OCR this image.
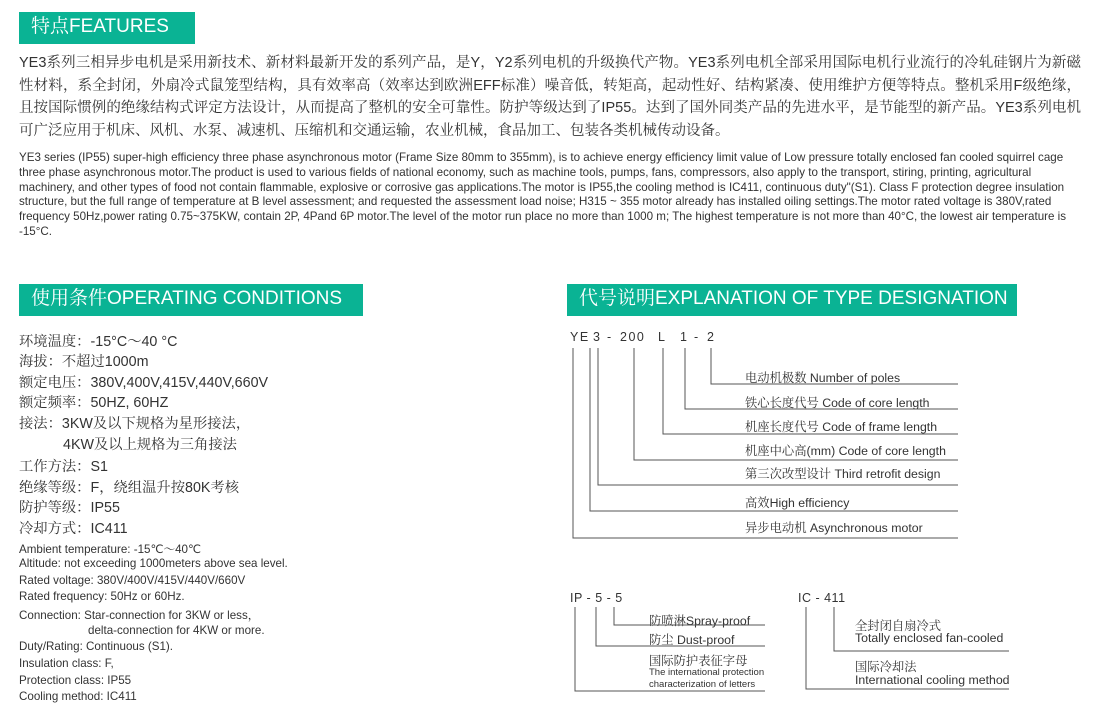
特点FEATURES

YE3系列三相异步电机是采用新技术、新材料最新开发的系列产品，是Y，Y2系列电机的升级换代产物。YE3系列电机全部采用国际电机行业流行的冷轧硅钢片为新磁性材料，系全封闭，外扇冷式鼠笼型结构，具有效率高（效率达到欧洲EFF标准）噪音低，转矩高，起动性好、结构紧凑、使用维护方便等特点。整机采用F级绝缘，且按国际惯例的绝缘结构式评定方法设计，从而提高了整机的安全可靠性。防护等级达到了IP55。达到了国外同类产品的先进水平，是节能型的新产品。YE3系列电机可广泛应用于机床、风机、水泵、减速机、压缩机和交通运输，农业机械，食品加工、包装各类机械传动设备。

YE3 series (IP55) super-high efficiency three phase asynchronous motor (Frame Size 80mm to 355mm), is to achieve energy efficiency limit value of Low pressure totally enclosed fan cooled squirrel cage three phase asynchronous motor.The product is used to various fields of national economy, such as machine tools, pumps, fans, compressors, also apply to the transport, stiring, printing, agricultural machinery, and other types of food not contain flammable, explosive or corrosive gas applications.The motor is IP55,the cooling method is IC411, continuous duty"(S1). Class F protection degree insulation structure, but the full range of temperature at B level assessment; and requested the assessment load noise; H315 ~ 355 motor already has installed oiling settings.The motor rated voltage is 380V,rated frequency 50Hz,power rating 0.75~375KW, contain 2P, 4Pand 6P motor.The level of the motor run place no more than 1000 m; The highest temperature is not more than 40°C, the lowest air temperature is -15°C.

使用条件OPERATING CONDITIONS
环境温度：-15°C～40 °C
海拔：不超过1000m
额定电压：380V,400V,415V,440V,660V
额定频率：50HZ, 60HZ
接法：3KW及以下规格为星形接法，
4KW及以上规格为三角接法
工作方法：S1
绝缘等级：F，绕组温升按80K考核
防护等级：IP55
冷却方式：IC411
Ambient temperature: -15℃～40℃
Altitude: not exceeding 1000meters above sea level.
Rated voltage: 380V/400V/415V/440V/660V
Rated frequency: 50Hz or 60Hz.
Connection: Star-connection for 3KW or less，
delta-connection for 4KW or more.
Duty/Rating: Continuous (S1).
Insulation class: F,
Protection class: IP55
Cooling method: IC411
代号说明EXPLANATION OF TYPE DESIGNATION
YE 3 - 200 L 1 - 2
电动机极数 Number of poles
铁心长度代号 Code of core length
机座长度代号 Code of frame length
机座中心高(mm) Code of core length
第三次改型设计 Third retrofit design
高效High efficiency
异步电动机 Asynchronous motor
IP - 5 - 5
防喷淋Spray-proof
防尘 Dust-proof
国际防护表征字母
The international protection
characterization of letters
IC - 411
全封闭自扇冷式
Totally enclosed fan-cooled
国际冷却法
International cooling method
